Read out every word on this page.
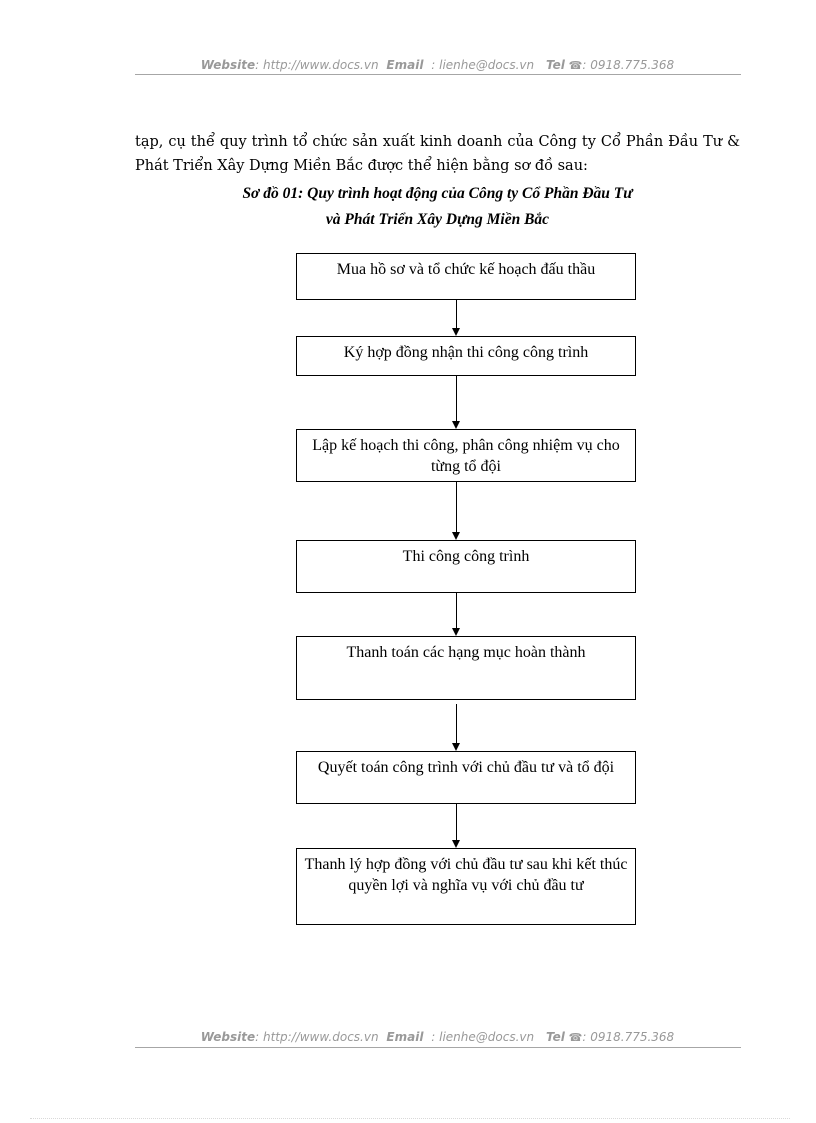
Website: http://www.docs.vn Email : lienhe@docs.vn Tel ☎: 0918.775.368
tạp, cụ thể quy trình tổ chức sản xuất kinh doanh của Công ty Cổ Phần Đầu Tư & Phát Triển Xây Dựng Miền Bắc được thể hiện bằng sơ đồ sau:
Sơ đồ 01: Quy trình hoạt động của Công ty Cổ Phần Đầu Tư
và Phát Triển Xây Dựng Miền Bắc
Mua hồ sơ và tổ chức kế hoạch đấu thầu
Ký hợp đồng nhận thi công công trình
Lập kế hoạch thi công, phân công nhiệm vụ cho từng tổ đội
Thi công công trình
Thanh toán các hạng mục hoàn thành
Quyết toán công trình với chủ đầu tư và tổ đội
Thanh lý hợp đồng với chủ đầu tư sau khi kết thúc quyền lợi và nghĩa vụ với chủ đầu tư
Website: http://www.docs.vn Email : lienhe@docs.vn Tel ☎: 0918.775.368
